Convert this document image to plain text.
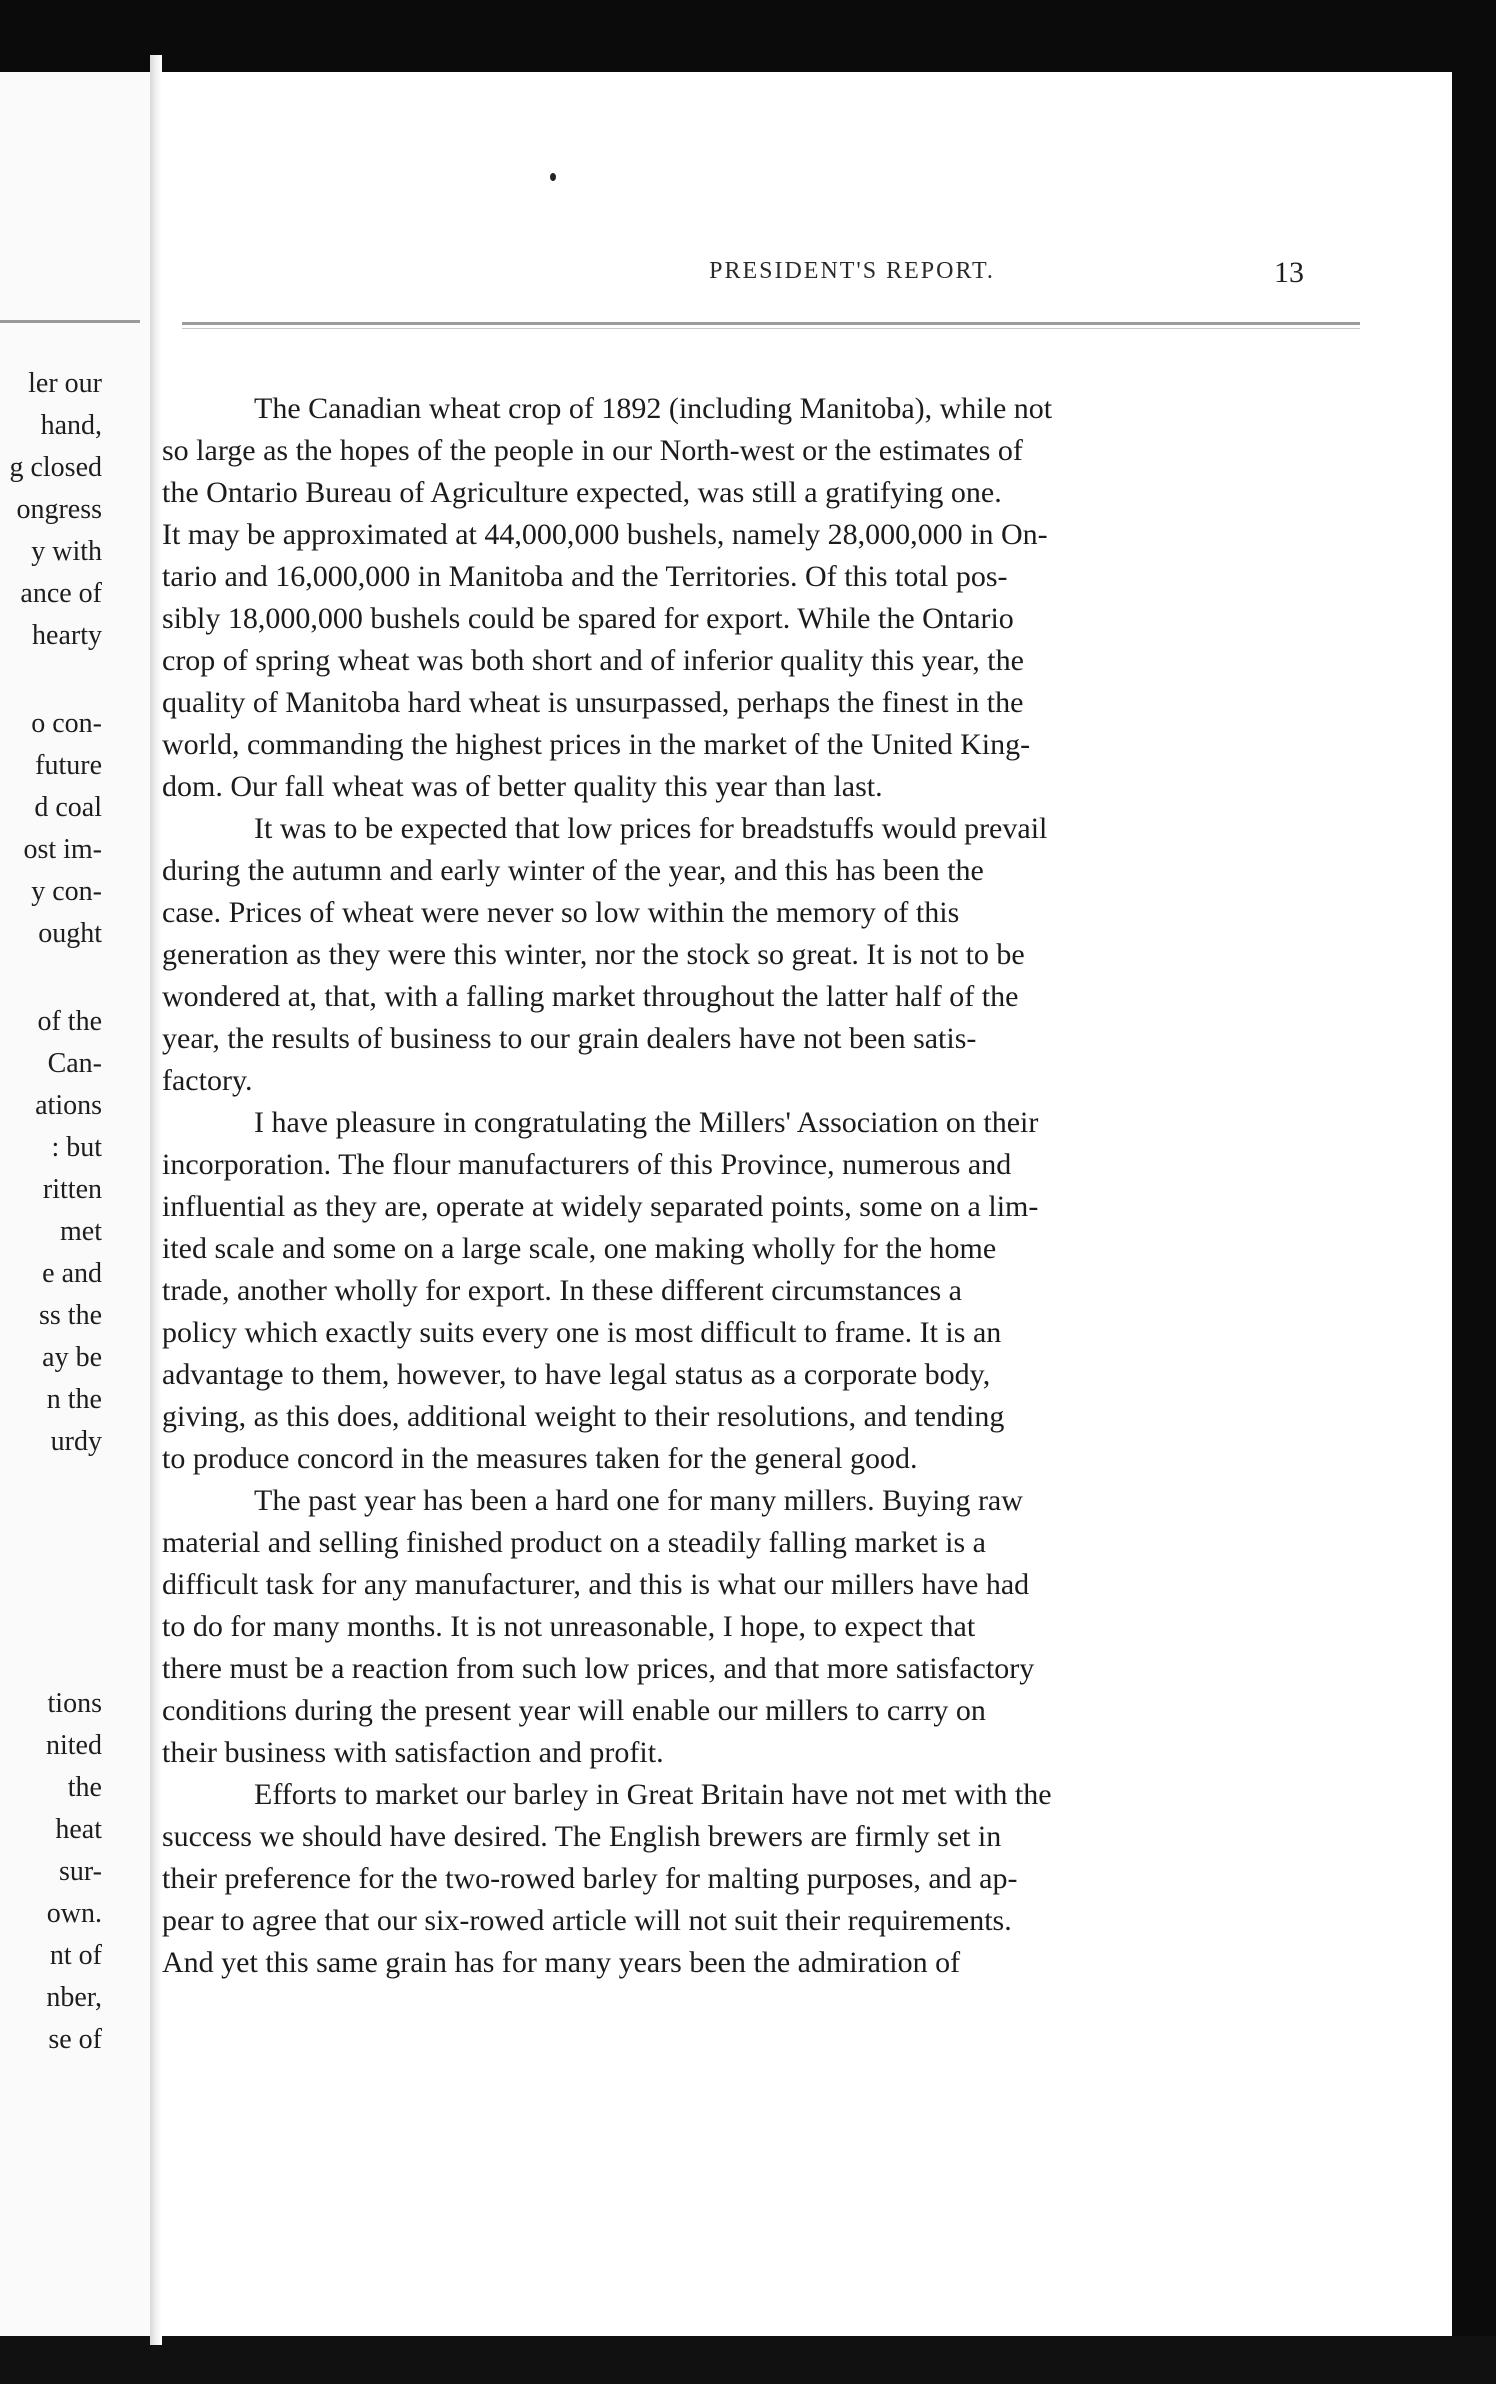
ler our

hand,

g closed

ongress

y with

ance of

hearty

o con-

future

d coal

ost im-

y con-

ought

of the

Can-

ations

: but

ritten

met

e and

ss the

ay be

n the

urdy

tions

nited

the

heat

sur-

own.

nt of

nber,

se of

PRESIDENT'S REPORT.	13

The Canadian wheat crop of 1892 (including Manitoba), while not

so large as the hopes of the people in our North-west or the estimates of

the Ontario Bureau of Agriculture expected, was still a gratifying one.

It may be approximated at 44,000,000 bushels, namely 28,000,000 in On-

tario and 16,000,000 in Manitoba and the Territories. Of this total pos-

sibly 18,000,000 bushels could be spared for export. While the Ontario

crop of spring wheat was both short and of inferior quality this year, the

quality of Manitoba hard wheat is unsurpassed, perhaps the finest in the

world, commanding the highest prices in the market of the United King-

dom. Our fall wheat was of better quality this year than last.

It was to be expected that low prices for breadstuffs would prevail

during the autumn and early winter of the year, and this has been the

case. Prices of wheat were never so low within the memory of this

generation as they were this winter, nor the stock so great. It is not to be

wondered at, that, with a falling market throughout the latter half of the

year, the results of business to our grain dealers have not been satis-

factory.

I have pleasure in congratulating the Millers' Association on their

incorporation. The flour manufacturers of this Province, numerous and

influential as they are, operate at widely separated points, some on a lim-

ited scale and some on a large scale, one making wholly for the home

trade, another wholly for export. In these different circumstances a

policy which exactly suits every one is most difficult to frame. It is an

advantage to them, however, to have legal status as a corporate body,

giving, as this does, additional weight to their resolutions, and tending

to produce concord in the measures taken for the general good.

The past year has been a hard one for many millers. Buying raw

material and selling finished product on a steadily falling market is a

difficult task for any manufacturer, and this is what our millers have had

to do for many months. It is not unreasonable, I hope, to expect that

there must be a reaction from such low prices, and that more satisfactory

conditions during the present year will enable our millers to carry on

their business with satisfaction and profit.

Efforts to market our barley in Great Britain have not met with the

success we should have desired. The English brewers are firmly set in

their preference for the two-rowed barley for malting purposes, and ap-

pear to agree that our six-rowed article will not suit their requirements.

And yet this same grain has for many years been the admiration of
